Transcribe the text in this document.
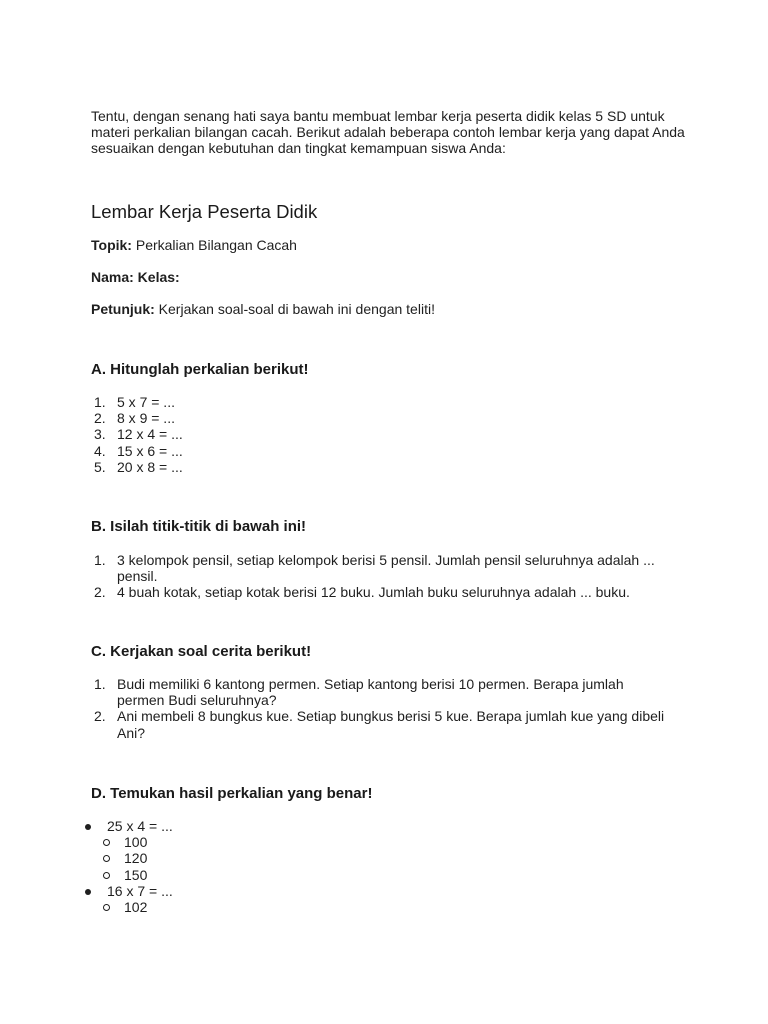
Tentu, dengan senang hati saya bantu membuat lembar kerja peserta didik kelas 5 SD untuk materi perkalian bilangan cacah. Berikut adalah beberapa contoh lembar kerja yang dapat Anda sesuaikan dengan kebutuhan dan tingkat kemampuan siswa Anda:

Lembar Kerja Peserta Didik

Topik: Perkalian Bilangan Cacah

Nama: Kelas:

Petunjuk: Kerjakan soal-soal di bawah ini dengan teliti!

A. Hitunglah perkalian berikut!
1. 5 x 7 = ...
2. 8 x 9 = ...
3. 12 x 4 = ...
4. 15 x 6 = ...
5. 20 x 8 = ...
B. Isilah titik-titik di bawah ini!
1. 3 kelompok pensil, setiap kelompok berisi 5 pensil. Jumlah pensil seluruhnya adalah ... pensil.
2. 4 buah kotak, setiap kotak berisi 12 buku. Jumlah buku seluruhnya adalah ... buku.
C. Kerjakan soal cerita berikut!
1. Budi memiliki 6 kantong permen. Setiap kantong berisi 10 permen. Berapa jumlah permen Budi seluruhnya?
2. Ani membeli 8 bungkus kue. Setiap bungkus berisi 5 kue. Berapa jumlah kue yang dibeli Ani?
D. Temukan hasil perkalian yang benar!
25 x 4 = ...
100
120
150
16 x 7 = ...
102
